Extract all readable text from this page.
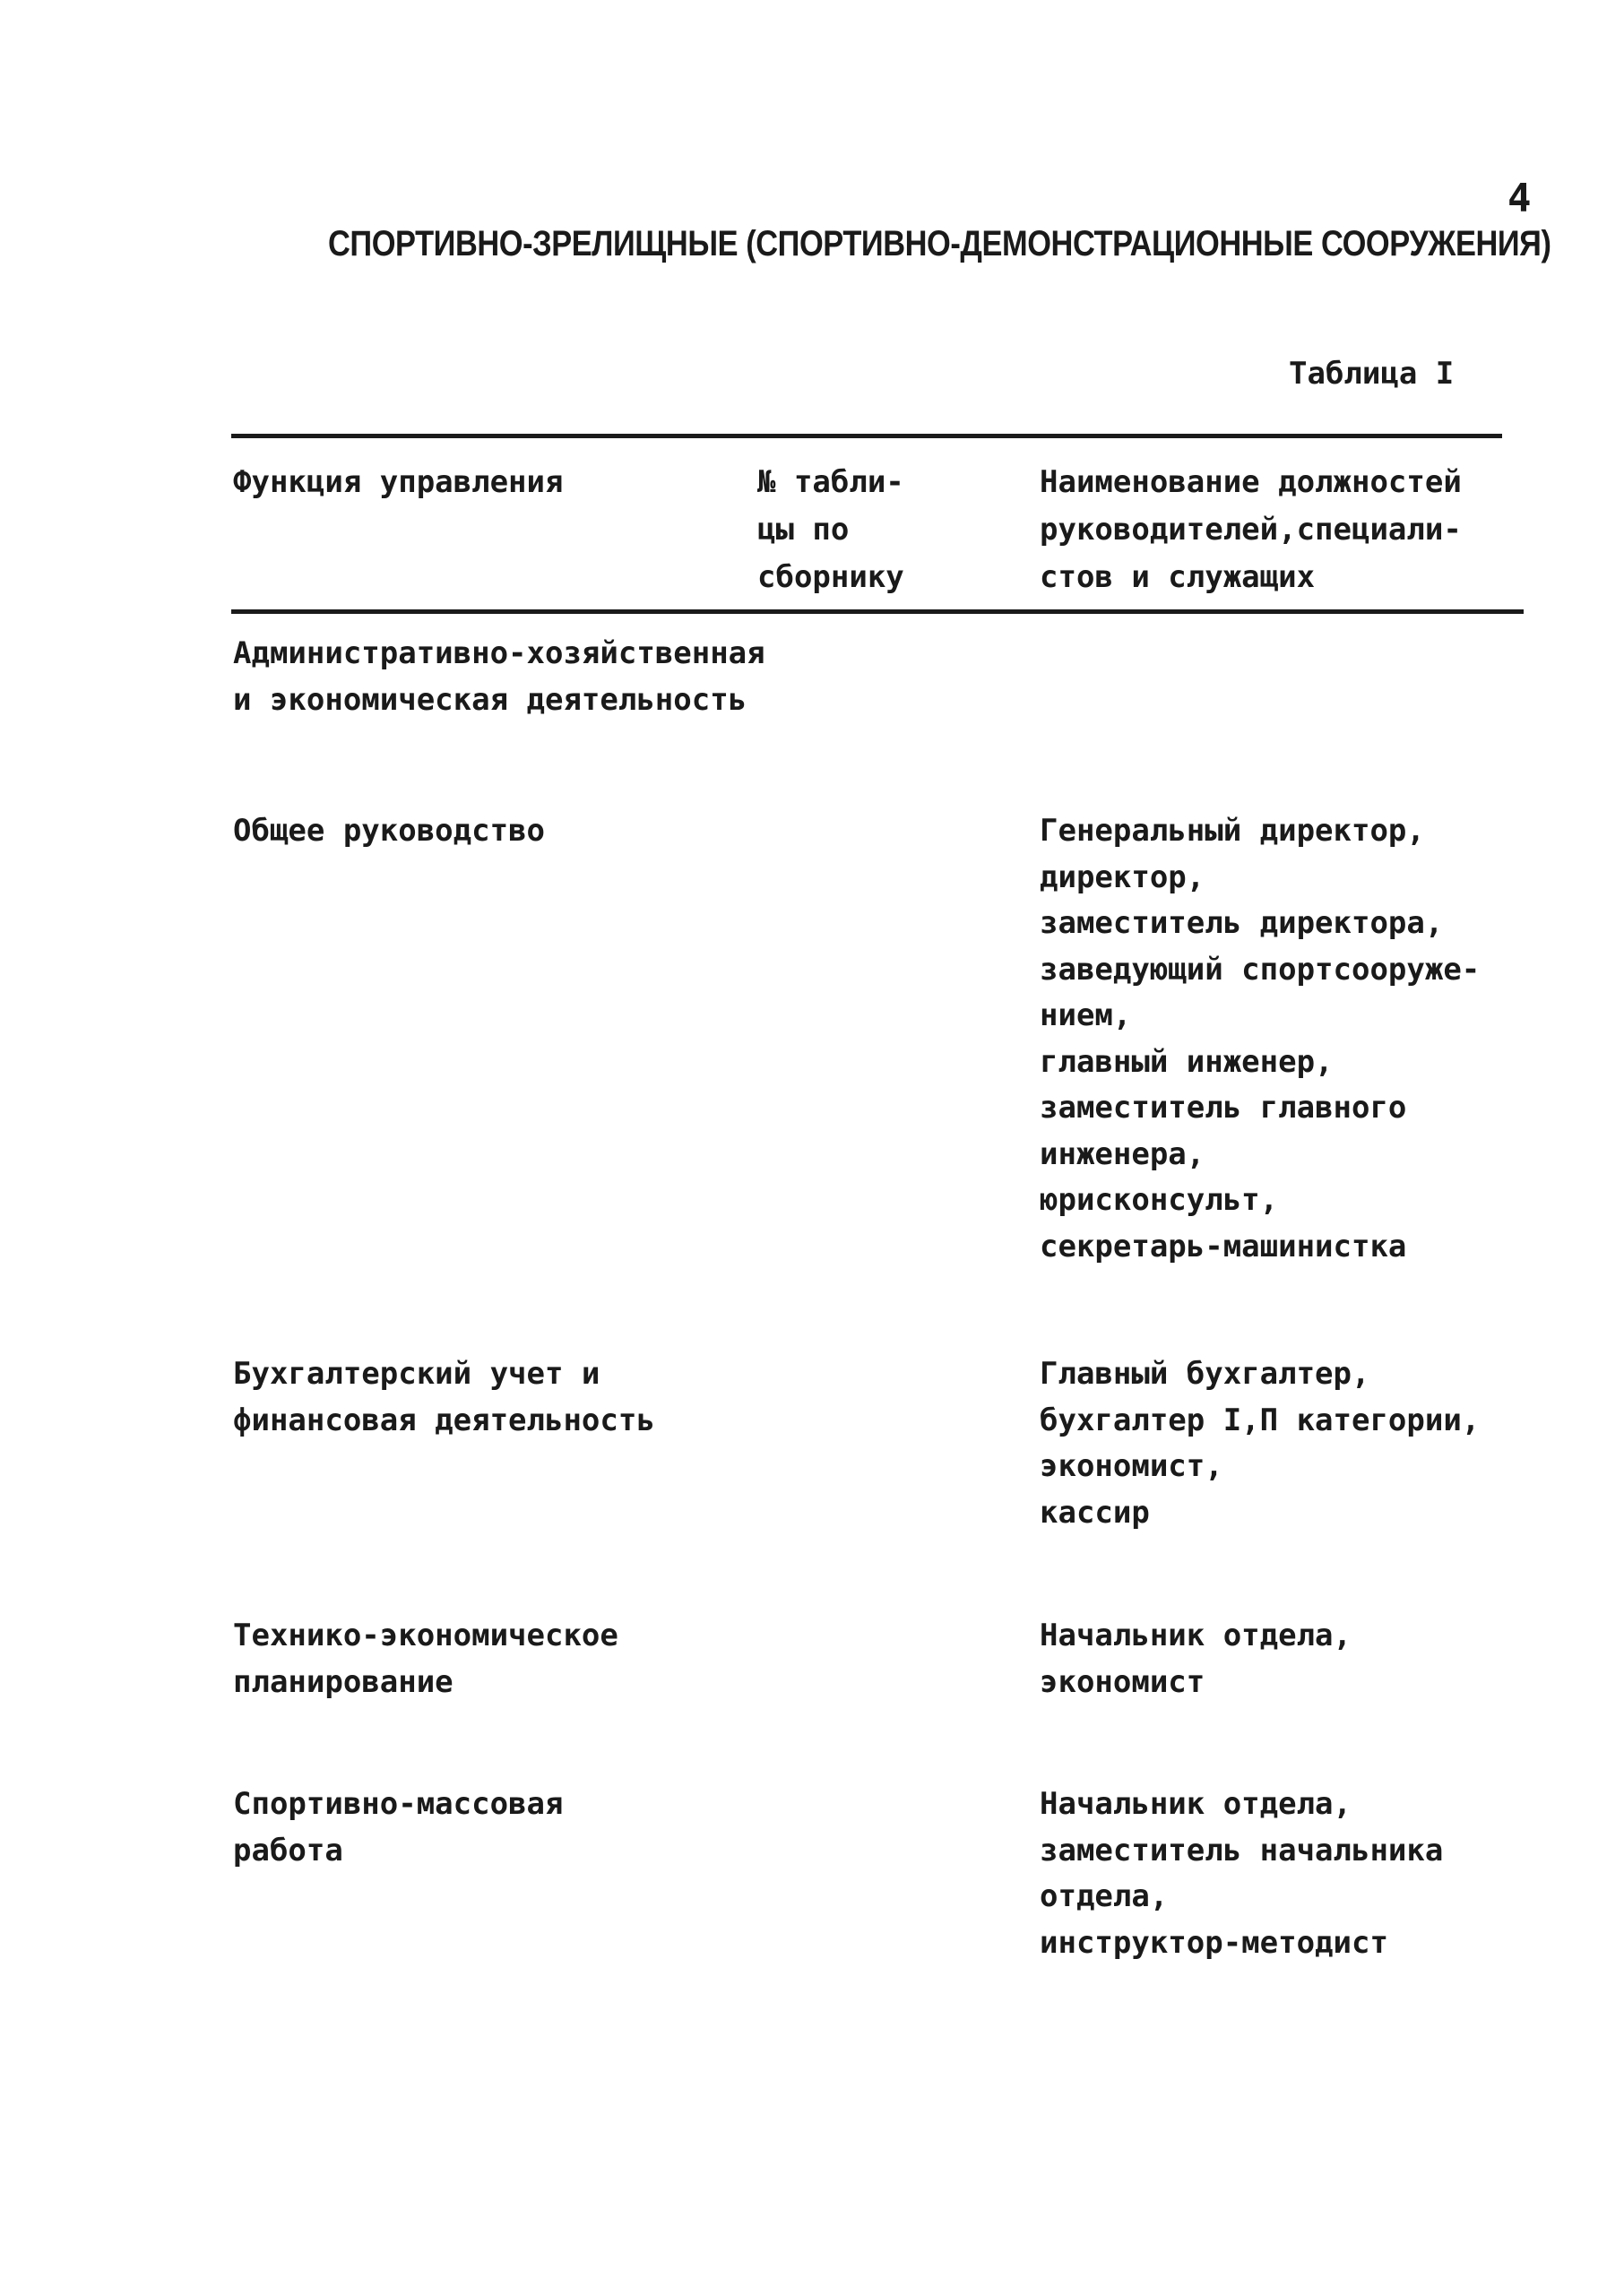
4
СПОРТИВНО-ЗРЕЛИЩНЫЕ (СПОРТИВНО-ДЕМОНСТРАЦИОННЫЕ СООРУЖЕНИЯ)
Таблица I
Функция управления	№ табли-
цы по
сборнику
Наименование должностей
руководителей,специали-
стов и служащих
Административно-хозяйственная
и экономическая деятельность
Общее руководство	Генеральный директор,
директор,
заместитель директора,
заведующий спортсооруже-
нием,
главный инженер,
заместитель главного
инженера,
юрисконсульт,
секретарь-машинистка
Бухгалтерский учет и
финансовая деятельность
Главный бухгалтер,
бухгалтер I,П категории,
экономист,
кассир
Технико-экономическое
планирование
Начальник отдела,
экономист
Спортивно-массовая
работа
Начальник отдела,
заместитель начальника
отдела,
инструктор-методист
